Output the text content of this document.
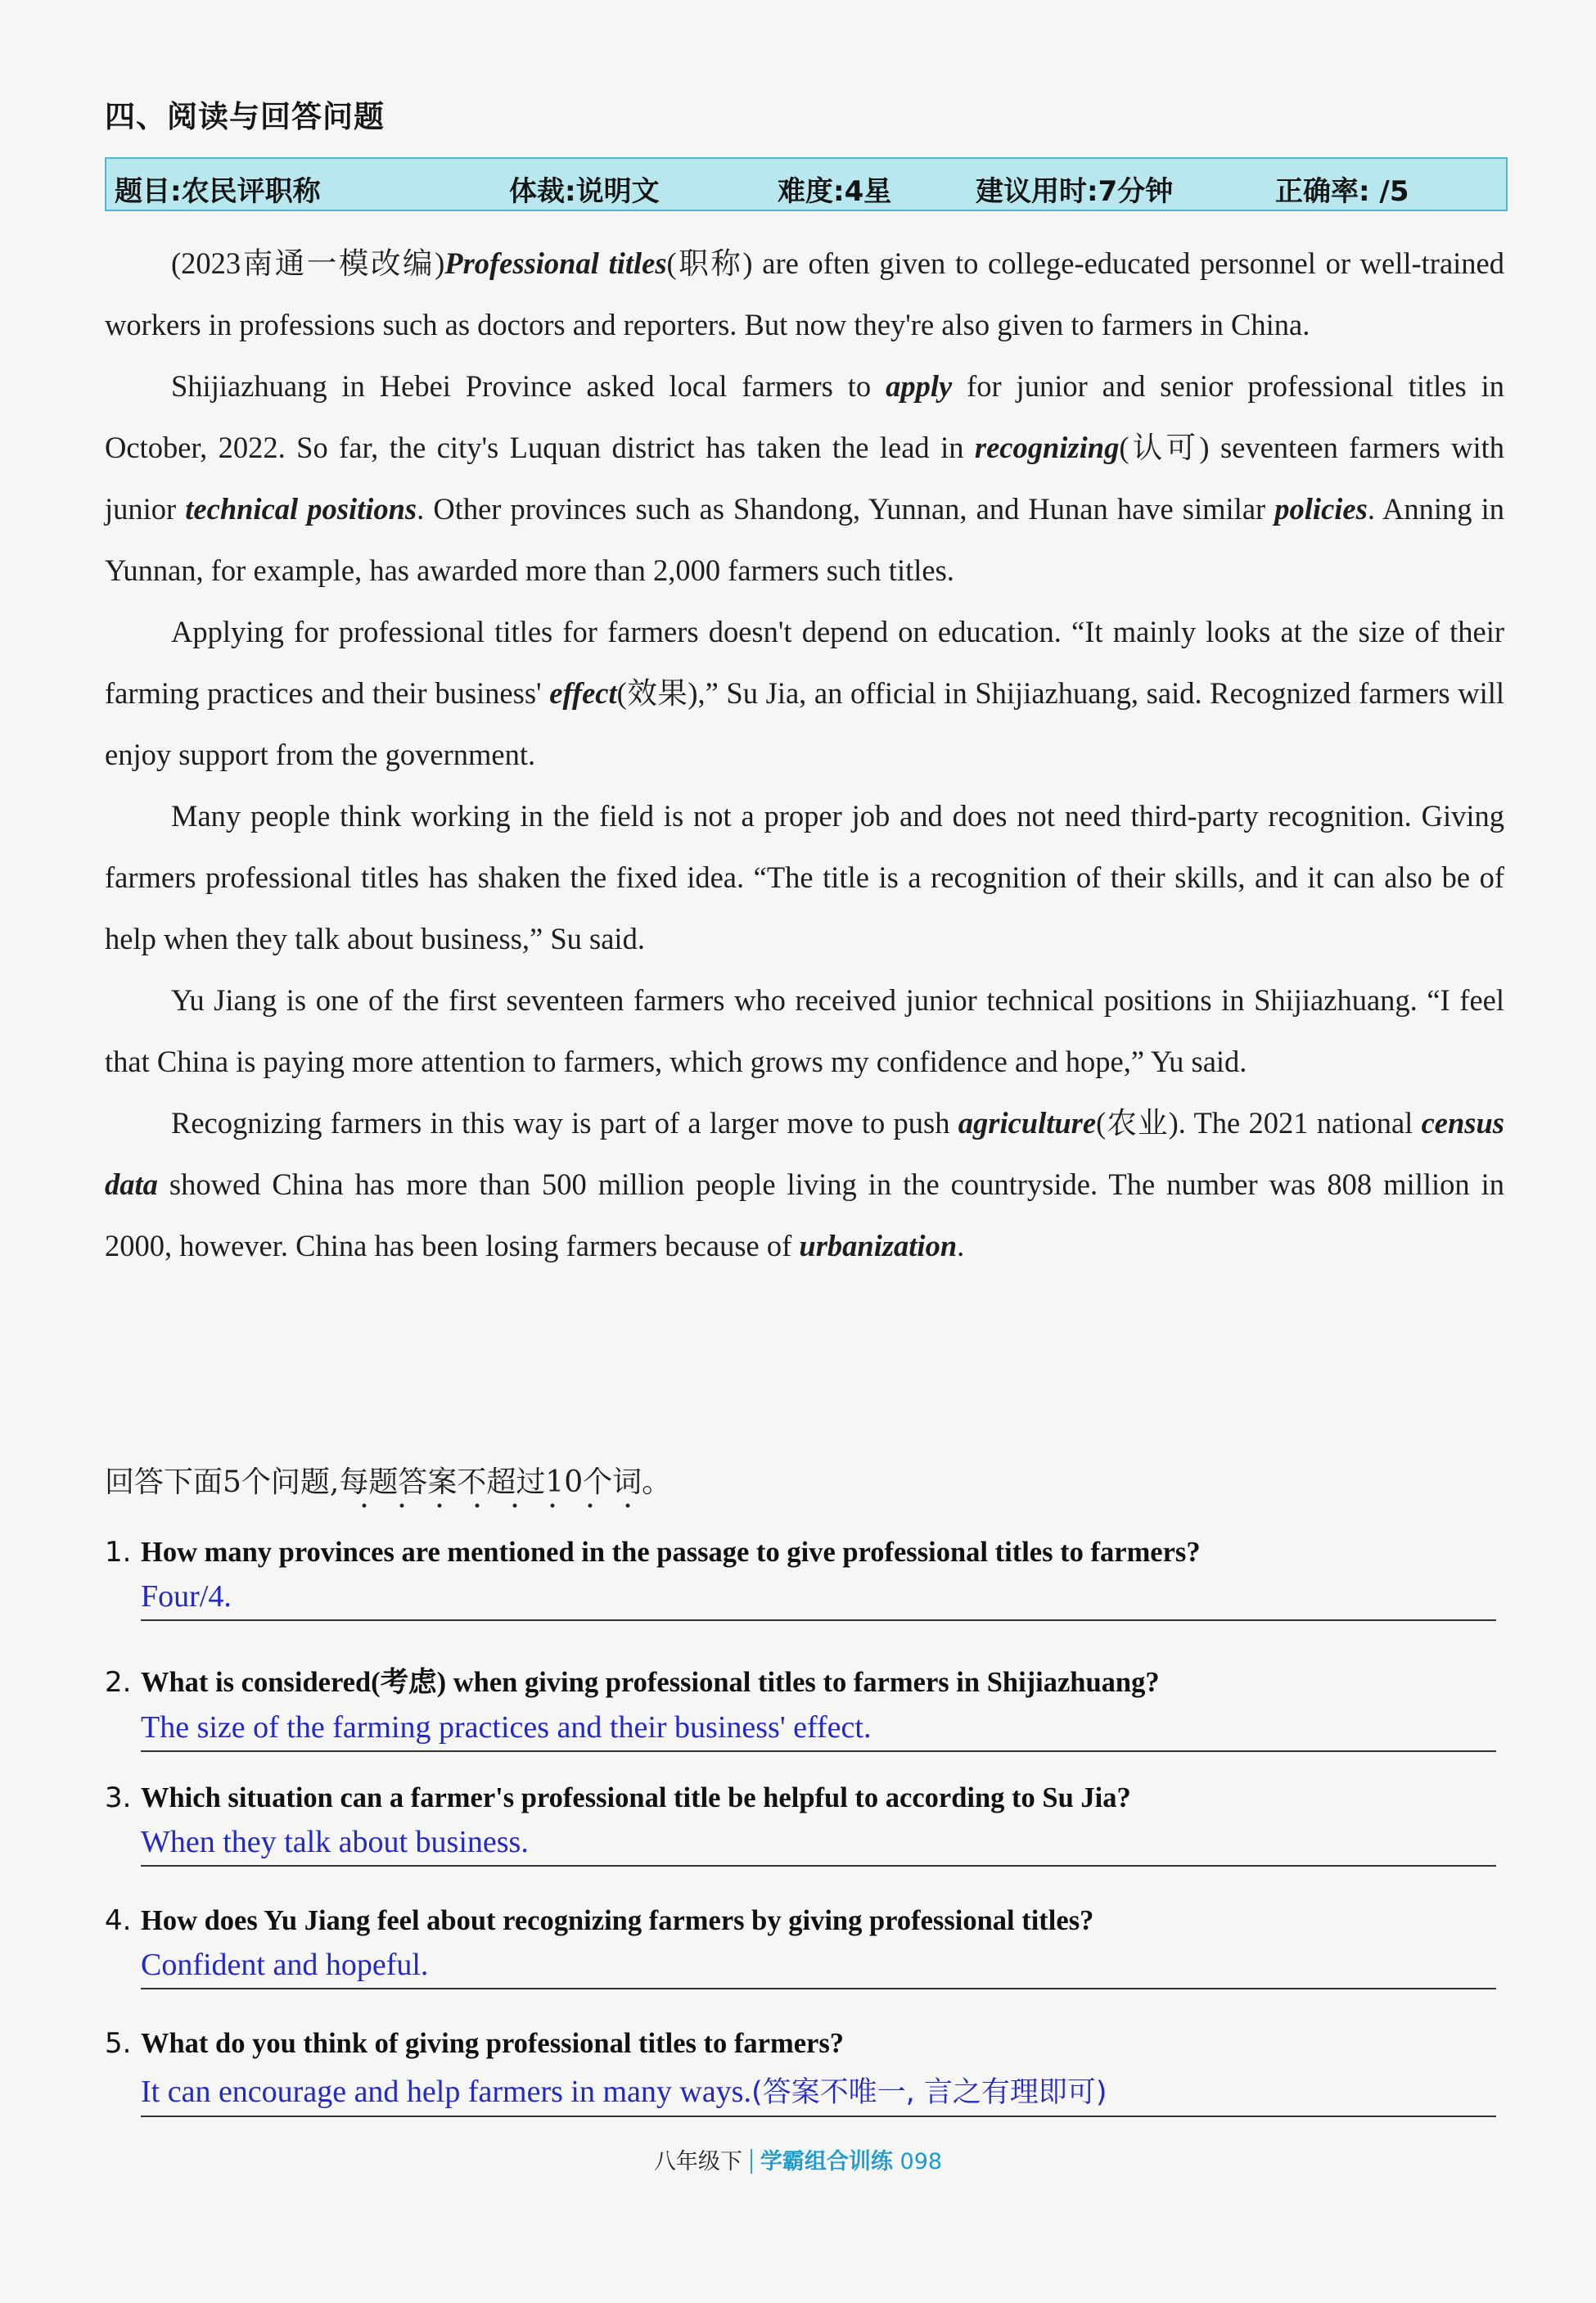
四、阅读与回答问题
题目:农民评职称	体裁:说明文	难度:4星	建议用时:7分钟	正确率: /5

(2023南通一模改编)Professional titles(职称) are often given to college-educated personnel or well-trained workers in professions such as doctors and reporters. But now they're also given to farmers in China.

Shijiazhuang in Hebei Province asked local farmers to apply for junior and senior professional titles in October, 2022. So far, the city's Luquan district has taken the lead in recognizing(认可) seventeen farmers with junior technical positions. Other provinces such as Shandong, Yunnan, and Hunan have similar policies. Anning in Yunnan, for example, has awarded more than 2,000 farmers such titles.

Applying for professional titles for farmers doesn't depend on education. “It mainly looks at the size of their farming practices and their business' effect(效果),” Su Jia, an official in Shijiazhuang, said. Recognized farmers will enjoy support from the government.

Many people think working in the field is not a proper job and does not need third-party recognition. Giving farmers professional titles has shaken the fixed idea. “The title is a recognition of their skills, and it can also be of help when they talk about business,” Su said.

Yu Jiang is one of the first seventeen farmers who received junior technical positions in Shijiazhuang. “I feel that China is paying more attention to farmers, which grows my confidence and hope,” Yu said.

Recognizing farmers in this way is part of a larger move to push agriculture(农业). The 2021 national census data showed China has more than 500 million people living in the countryside. The number was 808 million in 2000, however. China has been losing farmers because of urbanization.

回答下面5个问题,每题答案不超过10个词。
1. How many provinces are mentioned in the passage to give professional titles to farmers?
Four/4.
2. What is considered(考虑) when giving professional titles to farmers in Shijiazhuang?
The size of the farming practices and their business' effect.
3. Which situation can a farmer's professional title be helpful to according to Su Jia?
When they talk about business.
4. How does Yu Jiang feel about recognizing farmers by giving professional titles?
Confident and hopeful.
5. What do you think of giving professional titles to farmers?
It can encourage and help farmers in many ways.(答案不唯一, 言之有理即可)
八年级下 学霸组合训练 098
